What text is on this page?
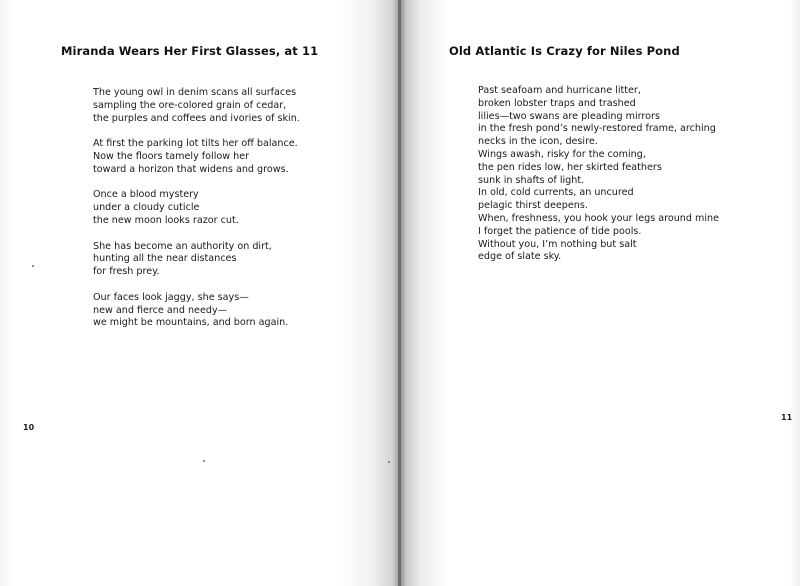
Miranda Wears Her First Glasses, at 11

The young owl in denim scans all surfaces
sampling the ore-colored grain of cedar,
the purples and coffees and ivories of skin.

At first the parking lot tilts her off balance.
Now the floors tamely follow her
toward a horizon that widens and grows.

Once a blood mystery
under a cloudy cuticle
the new moon looks razor cut.

She has become an authority on dirt,
hunting all the near distances
for fresh prey.

Our faces look jaggy, she says—
new and fierce and needy—
we might be mountains, and born again.

10
Old Atlantic Is Crazy for Niles Pond

Past seafoam and hurricane litter,
broken lobster traps and trashed
lilies—two swans are pleading mirrors
in the fresh pond’s newly-restored frame, arching
necks in the icon, desire.
Wings awash, risky for the coming,
the pen rides low, her skirted feathers
sunk in shafts of light.
In old, cold currents, an uncured
pelagic thirst deepens.
When, freshness, you hook your legs around mine
I forget the patience of tide pools.
Without you, I’m nothing but salt
edge of slate sky.

11
